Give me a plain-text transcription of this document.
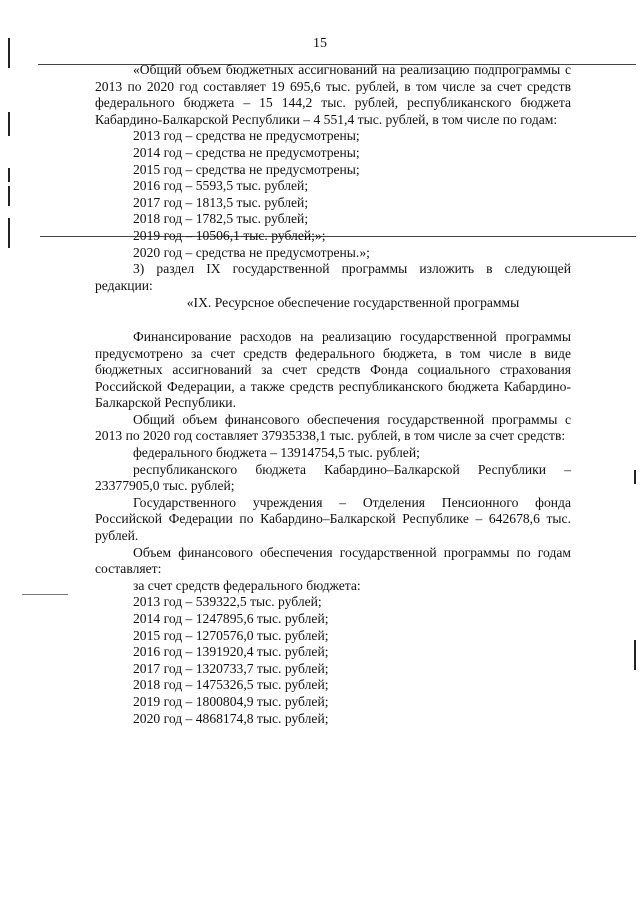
15

«Общий объем бюджетных ассигнований на реализацию подпрограммы с 2013 по 2020 год составляет 19 695,6 тыс. рублей, в том числе за счет средств федерального бюджета – 15 144,2 тыс. рублей, республиканского бюджета Кабардино-Балкарской Республики – 4 551,4 тыс. рублей, в том числе по годам:

2013 год – средства не предусмотрены;

2014 год – средства не предусмотрены;

2015 год – средства не предусмотрены;

2016 год – 5593,5 тыс. рублей;

2017 год – 1813,5 тыс. рублей;

2018 год – 1782,5 тыс. рублей;

2019 год – 10506,1 тыс. рублей;»;

2020 год – средства не предусмотрены.»;

3) раздел IX государственной программы изложить в следующей редакции:

«IX. Ресурсное обеспечение государственной программы

Финансирование расходов на реализацию государственной программы предусмотрено за счет средств федерального бюджета, в том числе в виде бюджетных ассигнований за счет средств Фонда социального страхования Российской Федерации, а также средств республиканского бюджета Кабардино-Балкарской Республики.

Общий объем финансового обеспечения государственной программы с 2013 по 2020 год составляет 37935338,1 тыс. рублей, в том числе за счет средств:

федерального бюджета – 13914754,5 тыс. рублей;

республиканского бюджета Кабардино–Балкарской Республики – 23377905,0 тыс. рублей;

Государственного учреждения – Отделения Пенсионного фонда Российской Федерации по Кабардино–Балкарской Республике – 642678,6 тыс. рублей.

Объем финансового обеспечения государственной программы по годам составляет:

за счет средств федерального бюджета:

2013 год – 539322,5 тыс. рублей;

2014 год – 1247895,6 тыс. рублей;

2015 год – 1270576,0 тыс. рублей;

2016 год – 1391920,4 тыс. рублей;

2017 год – 1320733,7 тыс. рублей;

2018 год – 1475326,5 тыс. рублей;

2019 год – 1800804,9 тыс. рублей;

2020 год – 4868174,8 тыс. рублей;
